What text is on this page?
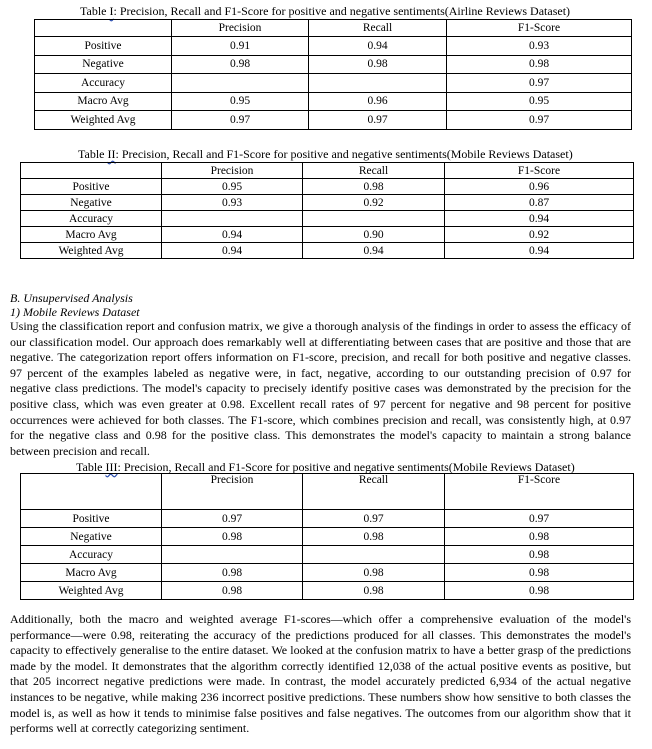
Table I: Precision, Recall and F1-Score for positive and negative sentiments(Airline Reviews Dataset)
	Precision	Recall	F1-Score
Positive	0.91	0.94	0.93
Negative	0.98	0.98	0.98
Accuracy			0.97
Macro Avg	0.95	0.96	0.95
Weighted Avg	0.97	0.97	0.97
Table II: Precision, Recall and F1-Score for positive and negative sentiments(Mobile Reviews Dataset)
	Precision	Recall	F1-Score
Positive	0.95	0.98	0.96
Negative	0.93	0.92	0.87
Accuracy			0.94
Macro Avg	0.94	0.90	0.92
Weighted Avg	0.94	0.94	0.94
B. Unsupervised Analysis
1) Mobile Reviews Dataset
Using the classification report and confusion matrix, we give a thorough analysis of the findings in order to assess the efficacy of our classification model. Our approach does remarkably well at differentiating between cases that are positive and those that are negative. The categorization report offers information on F1-score, precision, and recall for both positive and negative classes. 97 percent of the examples labeled as negative were, in fact, negative, according to our outstanding precision of 0.97 for negative class predictions. The model's capacity to precisely identify positive cases was demonstrated by the precision for the positive class, which was even greater at 0.98. Excellent recall rates of 97 percent for negative and 98 percent for positive occurrences were achieved for both classes. The F1-score, which combines precision and recall, was consistently high, at 0.97 for the negative class and 0.98 for the positive class. This demonstrates the model's capacity to maintain a strong balance between precision and recall.
Table III: Precision, Recall and F1-Score for positive and negative sentiments(Mobile Reviews Dataset)
	Precision	Recall	F1-Score
Positive	0.97	0.97	0.97
Negative	0.98	0.98	0.98
Accuracy			0.98
Macro Avg	0.98	0.98	0.98
Weighted Avg	0.98	0.98	0.98
Additionally, both the macro and weighted average F1-scores—which offer a comprehensive evaluation of the model's performance—were 0.98, reiterating the accuracy of the predictions produced for all classes. This demonstrates the model's capacity to effectively generalise to the entire dataset. We looked at the confusion matrix to have a better grasp of the predictions made by the model. It demonstrates that the algorithm correctly identified 12,038 of the actual positive events as positive, but that 205 incorrect negative predictions were made. In contrast, the model accurately predicted 6,934 of the actual negative instances to be negative, while making 236 incorrect positive predictions. These numbers show how sensitive to both classes the model is, as well as how it tends to minimise false positives and false negatives. The outcomes from our algorithm show that it performs well at correctly categorizing sentiment.
